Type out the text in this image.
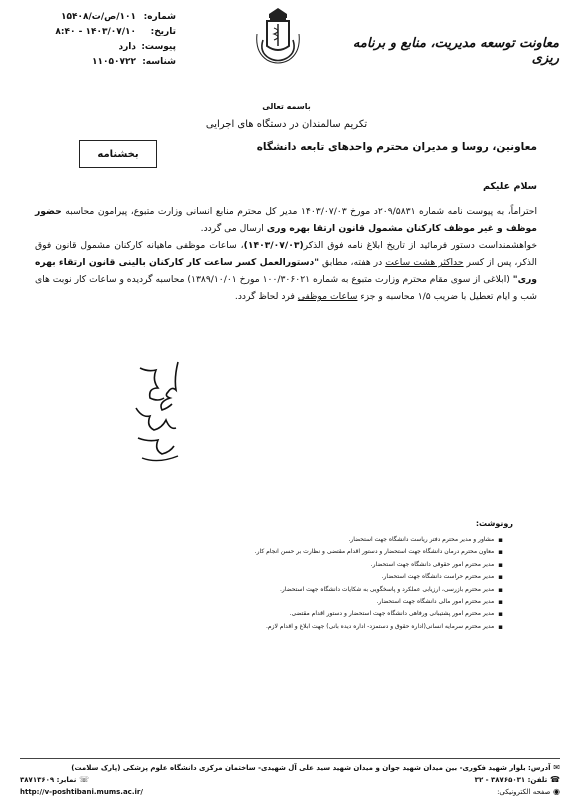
شماره:
۱۰۱/ص/ت/۱۵۴۰۸
تاریخ:
۱۴۰۳/۰۷/۱۰ - ۸:۴۰
پیوست:
دارد
شناسه:
۱۱۰۵۰۷۲۲
معاونت توسعه مدیریت، منابع و برنامه ریزی
باسمه تعالی
تکریم سالمندان در دستگاه های اجرایی
معاونین، روسا و مدیران محترم واحدهای تابعه دانشگاه
بخشنامه
سلام علیکم

احتراماً، به پیوست نامه شماره ۲۰۹/۵۸۳۱د مورخ ۱۴۰۳/۰۷/۰۳ مدیر کل محترم منابع انسانی وزارت متبوع، پیرامون محاسبه حضور موظف و غیر موظف کارکنان مشمول قانون ارتقا بهره وری ارسال می گردد.

خواهشمنداست دستور فرمائید از تاریخ ابلاغ نامه فوق الذکر(۱۴۰۳/۰۷/۰۳)، ساعات موظفی ماهیانه کارکنان مشمول قانون فوق الذکر، پس از کسر حداکثر هشت ساعت در هفته، مطابق "دستورالعمل کسر ساعت کار کارکنان بالینی قانون ارتقاء بهره وری" (ابلاغی از سوی مقام محترم وزارت متبوع به شماره ۱۰۰/۳۰۶۰۲۱ مورخ ۱۳۸۹/۱۰/۰۱) محاسبه گردیده و ساعات کار نوبت های شب و ایام تعطیل با ضریب ۱/۵ محاسبه و جزء ساعات موظفی فرد لحاظ گردد.

رونوشت:
▪
مشاور و مدیر محترم دفتر ریاست دانشگاه جهت استحضار.
▪
معاون محترم درمان دانشگاه جهت استحضار و دستور اقدام مقتضی و نظارت بر حسن انجام کار.
▪
مدیر محترم امور حقوقی دانشگاه جهت استحضار.
▪
مدیر محترم حراست دانشگاه جهت استحضار.
▪
مدیر محترم بازرسی، ارزیابی عملکرد و پاسخگویی به شکایات دانشگاه جهت استحضار.
▪
مدیر محترم امور مالی دانشگاه جهت استحضار.
▪
مدیر محترم امور پشتیبانی ورفاهی دانشگاه جهت استحضار و دستور اقدام مقتضی.
▪
مدیر محترم سرمایه انسانی(اداره حقوق و دستمزد- اداره دیده بانی) جهت ابلاغ و اقدام لازم.
✉ آدرس: بلوار شهید فکوری- بین میدان شهید جوان و میدان شهید سید علی آل شهیدی- ساختمان مرکزی دانشگاه علوم پزشکی (پارک سلامت)
☎ تلفن: ۳۸۷۶۵۰۳۱ - ۳۲
☏ نمابر: ۳۸۷۱۳۶۰۹
◉ صفحه الکترونیکی:
http://v-poshtibani.mums.ac.ir/
